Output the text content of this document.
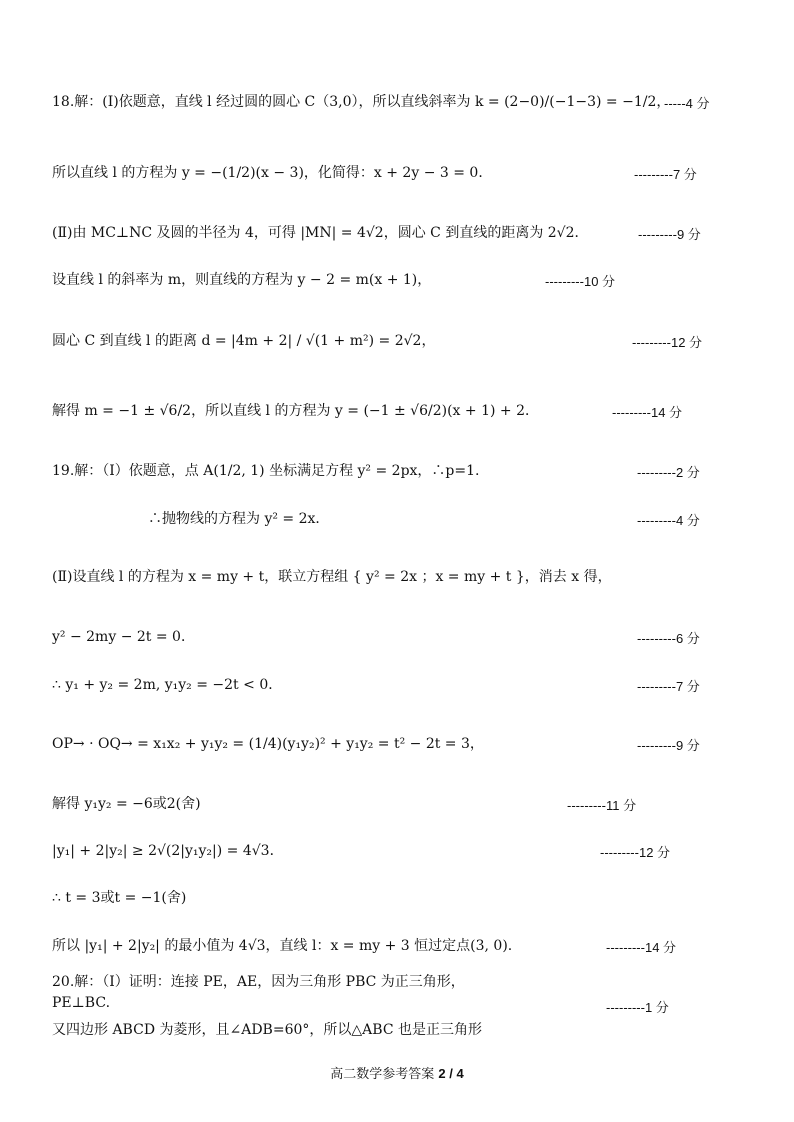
18.解：(Ⅰ)依题意，直线 l 经过圆的圆心 C（3,0），所以直线斜率为 k = (2−0)/(−1−3) = −1/2，
-----4 分
所以直线 l 的方程为 y = −(1/2)(x − 3)，化简得：x + 2y − 3 = 0．	---------7 分
(Ⅱ)由 MC⊥NC 及圆的半径为 4，可得 |MN| = 4√2，圆心 C 到直线的距离为 2√2．	---------9 分
设直线 l 的斜率为 m，则直线的方程为 y − 2 = m(x + 1)，	---------10 分
圆心 C 到直线 l 的距离 d = |4m + 2| / √(1 + m²) = 2√2，	---------12 分
解得 m = −1 ± √6/2，所以直线 l 的方程为 y = (−1 ± √6/2)(x + 1) + 2．	---------14 分
19.解：（Ⅰ）依题意，点 A(1/2, 1) 坐标满足方程 y² = 2px，∴p=1.	---------2 分
∴抛物线的方程为 y² = 2x．	---------4 分
(Ⅱ)设直线 l 的方程为 x = my + t，联立方程组 { y² = 2x ；x = my + t }，消去 x 得，
y² − 2my − 2t = 0．	---------6 分
∴ y₁ + y₂ = 2m, y₁y₂ = −2t < 0．	---------7 分
OP→ · OQ→ = x₁x₂ + y₁y₂ = (1/4)(y₁y₂)² + y₁y₂ = t² − 2t = 3，	---------9 分
解得 y₁y₂ = −6或2(舍)	---------11 分
|y₁| + 2|y₂| ≥ 2√(2|y₁y₂|) = 4√3．	---------12 分
∴ t = 3或t = −1(舍)
所以 |y₁| + 2|y₂| 的最小值为 4√3，直线 l：x = my + 3 恒过定点(3, 0).	---------14 分
20.解：（Ⅰ）证明：连接 PE，AE，因为三角形 PBC 为正三角形，
PE⊥BC.	---------1 分
又四边形 ABCD 为菱形，且∠ADB=60°，所以△ABC 也是正三角形
高二数学参考答案 2 / 4
